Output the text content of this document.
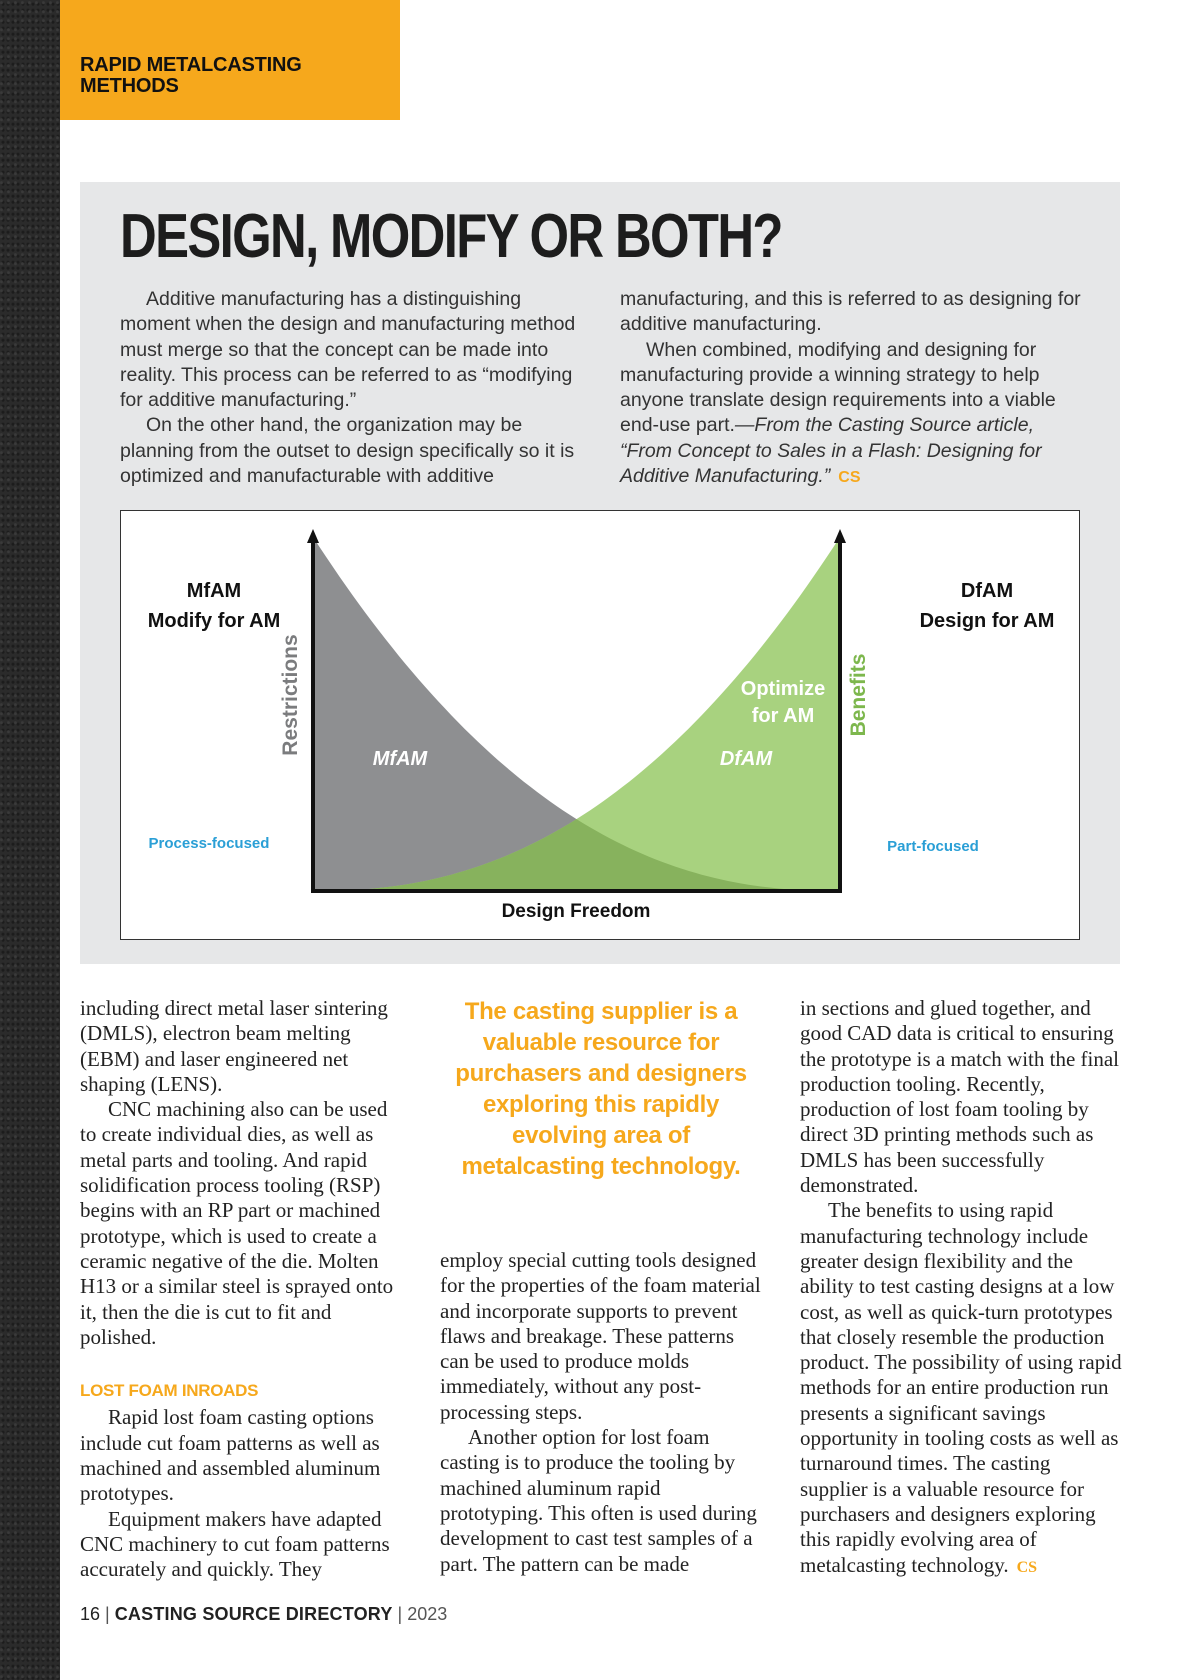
RAPID METALCASTING METHODS
DESIGN, MODIFY OR BOTH?

Additive manufacturing has a distinguishing moment when the design and manufacturing method must merge so that the concept can be made into reality. This process can be referred to as “modifying for additive manufacturing.”

On the other hand, the organization may be planning from the outset to design specifically so it is optimized and manufacturable with additive

manufacturing, and this is referred to as designing for additive manufacturing.

When combined, modifying and designing for manufacturing provide a winning strategy to help anyone translate design requirements into a viable end-use part.—From the Casting Source article, “From Concept to Sales in a Flash: Designing for Additive Manufacturing.” CS

MfAM
Modify for AM
DfAM
Design for AM
Restrictions	Benefits
MfAM	DfAM
Optimize
for AM
Process-focused	Part-focused
Design Freedom

including direct metal laser sintering (DMLS), electron beam melting (EBM) and laser engineered net shaping (LENS).

CNC machining also can be used to create individual dies, as well as metal parts and tooling. And rapid solidification process tooling (RSP) begins with an RP part or machined prototype, which is used to create a ceramic negative of the die. Molten H13 or a similar steel is sprayed onto it, then the die is cut to fit and polished.

LOST FOAM INROADS

Rapid lost foam casting options include cut foam patterns as well as machined and assembled aluminum prototypes.

Equipment makers have adapted CNC machinery to cut foam patterns accurately and quickly. They

The casting supplier is a valuable resource for purchasers and designers exploring this rapidly evolving area of metalcasting technology.

employ special cutting tools designed for the properties of the foam material and incorporate supports to prevent flaws and breakage. These patterns can be used to produce molds immediately, without any post-processing steps.

Another option for lost foam casting is to produce the tooling by machined aluminum rapid prototyping. This often is used during development to cast test samples of a part. The pattern can be made

in sections and glued together, and good CAD data is critical to ensuring the prototype is a match with the final production tooling. Recently, production of lost foam tooling by direct 3D printing methods such as DMLS has been successfully demonstrated.

The benefits to using rapid manufacturing technology include greater design flexibility and the ability to test casting designs at a low cost, as well as quick-turn prototypes that closely resemble the production product. The possibility of using rapid methods for an entire production run presents a significant savings opportunity in tooling costs as well as turnaround times. The casting supplier is a valuable resource for purchasers and designers exploring this rapidly evolving area of metalcasting technology. CS

16 | CASTING SOURCE DIRECTORY | 2023
